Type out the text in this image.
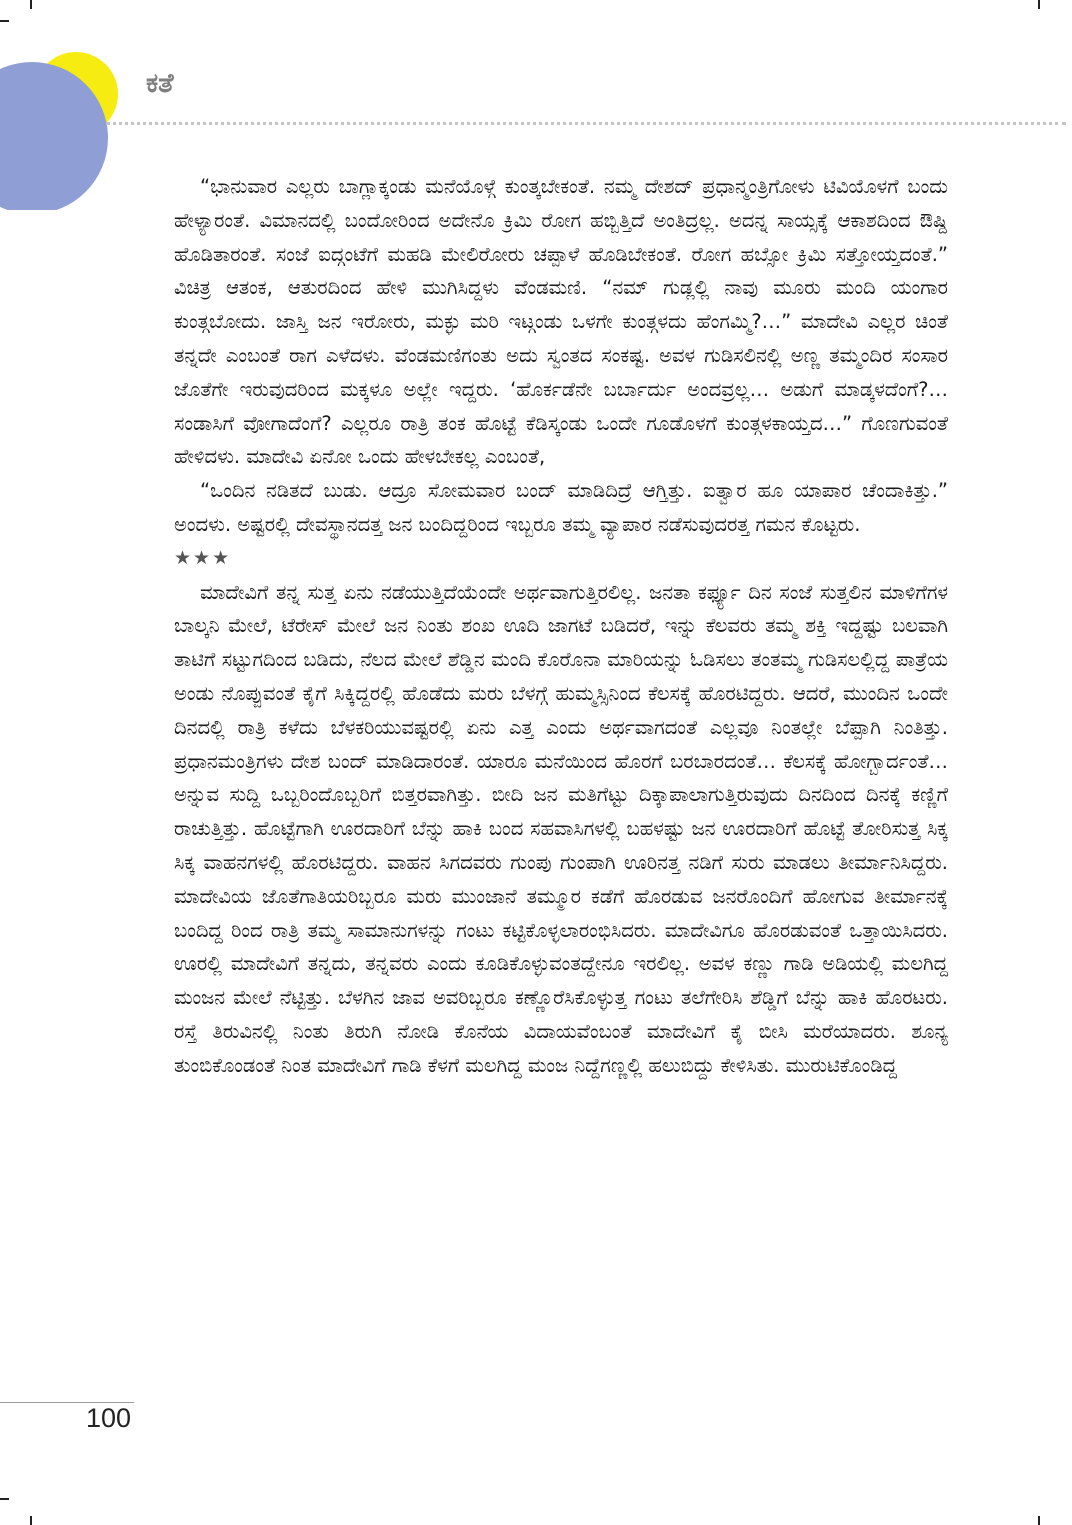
ಕತೆ

“ಭಾನುವಾರ ಎಲ್ಲರು ಬಾಗ್ಲಾಕ್ಕಂಡು ಮನೆಯೊಳ್ಗೆ ಕುಂತ್ಕಬೇಕಂತೆ. ನಮ್ಮ ದೇಶದ್ ಪ್ರಧಾನ್ಮಂತ್ರಿಗೋಳು ಟಿವಿಯೊಳಗೆ ಬಂದು ಹೇಳ್ಯಾರಂತೆ. ವಿಮಾನದಲ್ಲಿ ಬಂದೋರಿಂದ ಅದೇನೊ ಕ್ರಿಮಿ ರೋಗ ಹಬ್ಬಿತ್ತಿದೆ ಅಂತಿದ್ರಲ್ಲ. ಅದನ್ನ ಸಾಯ್ಸಕ್ಕೆ ಆಕಾಶದಿಂದ ಔಷ್ದಿ ಹೊಡಿತಾರಂತೆ. ಸಂಜೆ ಐದ್ಗಂಟೆಗೆ ಮಹಡಿ ಮೇಲಿರೋರು ಚಪ್ಪಾಳೆ ಹೊಡಿಬೇಕಂತೆ. ರೋಗ ಹಬ್ಸೋ ಕ್ರಿಮಿ ಸತ್ತೋಯ್ತದಂತೆ.” ವಿಚಿತ್ರ ಆತಂಕ, ಆತುರದಿಂದ ಹೇಳಿ ಮುಗಿಸಿದ್ದಳು ವೆಂಡಮಣಿ. “ನಮ್ ಗುಡ್ಲಲ್ಲಿ ನಾವು ಮೂರು ಮಂದಿ ಯಂಗಾರ ಕುಂತ್ಗಬೋದು. ಜಾಸ್ತಿ ಜನ ಇರೋರು, ಮಕ್ಳು ಮರಿ ಇಟ್ಗಂಡು ಒಳಗೇ ಕುಂತ್ಗಳದು ಹೆಂಗಮ್ಮಿ?…” ಮಾದೇವಿ ಎಲ್ಲರ ಚಿಂತೆ ತನ್ನದೇ ಎಂಬಂತೆ ರಾಗ ಎಳೆದಳು. ವೆಂಡಮಣಿಗಂತು ಅದು ಸ್ವಂತದ ಸಂಕಷ್ಟ. ಅವಳ ಗುಡಿಸಲಿನಲ್ಲಿ ಅಣ್ಣ ತಮ್ಮಂದಿರ ಸಂಸಾರ ಜೊತೆಗೇ ಇರುವುದರಿಂದ ಮಕ್ಕಳೂ ಅಲ್ಲೇ ಇದ್ದರು. ‘ಹೊರ್ಕಡೆನೇ ಬರ್ಬಾರ್ದು ಅಂದವ್ರಲ್ಲ… ಅಡುಗೆ ಮಾಡ್ಕಳದೆಂಗೆ?… ಸಂಡಾಸಿಗೆ ವೋಗಾದೆಂಗೆ? ಎಲ್ಲರೂ ರಾತ್ರಿ ತಂಕ ಹೊಟ್ಟೆ ಕೆಡಿಸ್ಕಂಡು ಒಂದೇ ಗೂಡೊಳಗೆ ಕುಂತ್ಗಳಕಾಯ್ತದ…” ಗೊಣಗುವಂತೆ ಹೇಳಿದಳು. ಮಾದೇವಿ ಏನೋ ಒಂದು ಹೇಳಬೇಕಲ್ಲ ಎಂಬಂತೆ,

“ಒಂದಿನ ನಡಿತದೆ ಬುಡು. ಆದ್ರೂ ಸೋಮವಾರ ಬಂದ್ ಮಾಡಿದಿದ್ರೆ ಆಗ್ತಿತ್ತು. ಐತ್ವಾರ ಹೂ ಯಾಪಾರ ಚೆಂದಾಕಿತ್ತು.” ಅಂದಳು. ಅಷ್ಟರಲ್ಲಿ ದೇವಸ್ಥಾನದತ್ತ ಜನ ಬಂದಿದ್ದರಿಂದ ಇಬ್ಬರೂ ತಮ್ಮ ವ್ಯಾಪಾರ ನಡೆಸುವುದರತ್ತ ಗಮನ ಕೊಟ್ಟರು.

★★★

ಮಾದೇವಿಗೆ ತನ್ನ ಸುತ್ತ ಏನು ನಡೆಯುತ್ತಿದೆಯೆಂದೇ ಅರ್ಥವಾಗುತ್ತಿರಲಿಲ್ಲ. ಜನತಾ ಕರ್ಫ್ಯೂ ದಿನ ಸಂಜೆ ಸುತ್ತಲಿನ ಮಾಳಿಗೆಗಳ ಬಾಲ್ಕನಿ ಮೇಲೆ, ಟೆರೇಸ್ ಮೇಲೆ ಜನ ನಿಂತು ಶಂಖ ಊದಿ ಜಾಗಟೆ ಬಡಿದರೆ, ಇನ್ನು ಕೆಲವರು ತಮ್ಮ ಶಕ್ತಿ ಇದ್ದಷ್ಟು ಬಲವಾಗಿ ತಾಟಿಗೆ ಸಟ್ಟುಗದಿಂದ ಬಡಿದು, ನೆಲದ ಮೇಲೆ ಶೆಡ್ಡಿನ ಮಂದಿ ಕೊರೊನಾ ಮಾರಿಯನ್ನು ಓಡಿಸಲು ತಂತಮ್ಮ ಗುಡಿಸಲಲ್ಲಿದ್ದ ಪಾತ್ರೆಯ ಅಂಡು ನೊಪ್ಪುವಂತೆ ಕೈಗೆ ಸಿಕ್ಕಿದ್ದರಲ್ಲಿ ಹೊಡೆದು ಮರು ಬೆಳಗ್ಗೆ ಹುಮ್ಮಸ್ಸಿನಿಂದ ಕೆಲಸಕ್ಕೆ ಹೊರಟಿದ್ದರು. ಆದರೆ, ಮುಂದಿನ ಒಂದೇ ದಿನದಲ್ಲಿ ರಾತ್ರಿ ಕಳೆದು ಬೆಳಕರಿಯುವಷ್ಟರಲ್ಲಿ ಏನು ಎತ್ತ ಎಂದು ಅರ್ಥವಾಗದಂತೆ ಎಲ್ಲವೂ ನಿಂತಲ್ಲೇ ಬೆಪ್ಪಾಗಿ ನಿಂತಿತ್ತು. ಪ್ರಧಾನಮಂತ್ರಿಗಳು ದೇಶ ಬಂದ್ ಮಾಡಿದಾರಂತೆ. ಯಾರೂ ಮನೆಯಿಂದ ಹೊರಗೆ ಬರಬಾರದಂತೆ… ಕೆಲಸಕ್ಕೆ ಹೋಗ್ಬಾರ್ದಂತೆ… ಅನ್ನುವ ಸುದ್ದಿ ಒಬ್ಬರಿಂದೊಬ್ಬರಿಗೆ ಬಿತ್ತರವಾಗಿತ್ತು. ಬೀದಿ ಜನ ಮತಿಗೆಟ್ಟು ದಿಕ್ಕಾಪಾಲಾಗುತ್ತಿರುವುದು ದಿನದಿಂದ ದಿನಕ್ಕೆ ಕಣ್ಣಿಗೆ ರಾಚುತ್ತಿತ್ತು. ಹೊಟ್ಟೆಗಾಗಿ ಊರದಾರಿಗೆ ಬೆನ್ನು ಹಾಕಿ ಬಂದ ಸಹವಾಸಿಗಳಲ್ಲಿ ಬಹಳಷ್ಟು ಜನ ಊರದಾರಿಗೆ ಹೊಟ್ಟೆ ತೋರಿಸುತ್ತ ಸಿಕ್ಕ ಸಿಕ್ಕ ವಾಹನಗಳಲ್ಲಿ ಹೊರಟಿದ್ದರು. ವಾಹನ ಸಿಗದವರು ಗುಂಪು ಗುಂಪಾಗಿ ಊರಿನತ್ತ ನಡಿಗೆ ಸುರು ಮಾಡಲು ತೀರ್ಮಾನಿಸಿದ್ದರು. ಮಾದೇವಿಯ ಜೊತೆಗಾತಿಯರಿಬ್ಬರೂ ಮರು ಮುಂಜಾನೆ ತಮ್ಮೂರ ಕಡೆಗೆ ಹೊರಡುವ ಜನರೊಂದಿಗೆ ಹೋಗುವ ತೀರ್ಮಾನಕ್ಕೆ ಬಂದಿದ್ದ ರಿಂದ ರಾತ್ರಿ ತಮ್ಮ ಸಾಮಾನುಗಳನ್ನು ಗಂಟು ಕಟ್ಟಿಕೊಳ್ಳಲಾರಂಭಿಸಿದರು. ಮಾದೇವಿಗೂ ಹೊರಡುವಂತೆ ಒತ್ತಾಯಿಸಿದರು. ಊರಲ್ಲಿ ಮಾದೇವಿಗೆ ತನ್ನದು, ತನ್ನವರು ಎಂದು ಕೂಡಿಕೊಳ್ಳುವಂತದ್ದೇನೂ ಇರಲಿಲ್ಲ. ಅವಳ ಕಣ್ಣು ಗಾಡಿ ಅಡಿಯಲ್ಲಿ ಮಲಗಿದ್ದ ಮಂಜನ ಮೇಲೆ ನೆಟ್ಟಿತ್ತು. ಬೆಳಗಿನ ಜಾವ ಅವರಿಬ್ಬರೂ ಕಣ್ಣೊರೆಸಿಕೊಳ್ಳುತ್ತ ಗಂಟು ತಲೆಗೇರಿಸಿ ಶೆಡ್ಡಿಗೆ ಬೆನ್ನು ಹಾಕಿ ಹೊರಟರು. ರಸ್ತೆ ತಿರುವಿನಲ್ಲಿ ನಿಂತು ತಿರುಗಿ ನೋಡಿ ಕೊನೆಯ ವಿದಾಯವೆಂಬಂತೆ ಮಾದೇವಿಗೆ ಕೈ ಬೀಸಿ ಮರೆಯಾದರು. ಶೂನ್ಯ ತುಂಬಿಕೊಂಡಂತೆ ನಿಂತ ಮಾದೇವಿಗೆ ಗಾಡಿ ಕೆಳಗೆ ಮಲಗಿದ್ದ ಮಂಜ ನಿದ್ದೆಗಣ್ಣಲ್ಲಿ ಹಲುಬಿದ್ದು ಕೇಳಿಸಿತು. ಮುರುಟಿಕೊಂಡಿದ್ದ

100
